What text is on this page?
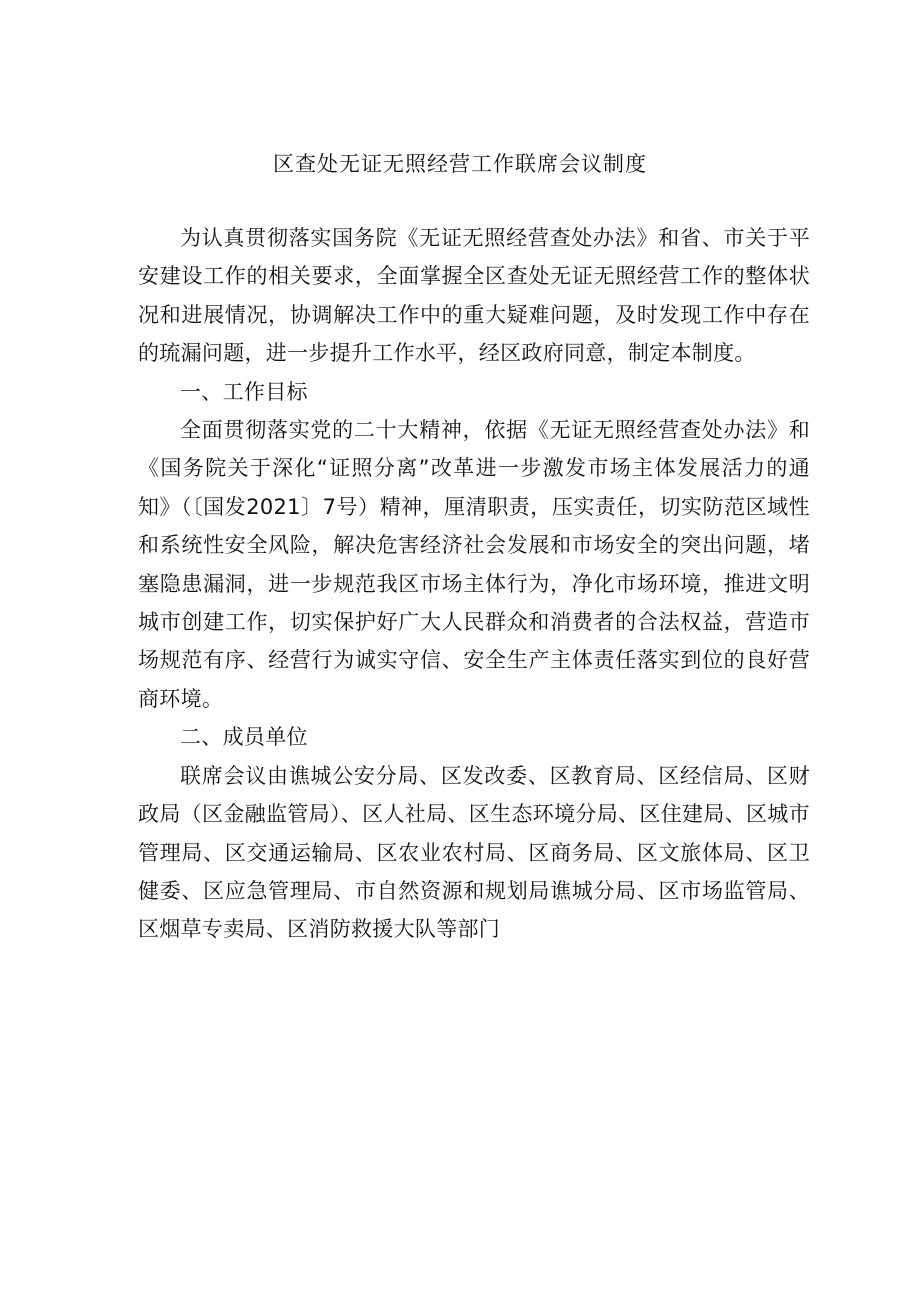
区查处无证无照经营工作联席会议制度

为认真贯彻落实国务院《无证无照经营查处办法》和省、市关于平安建设工作的相关要求，全面掌握全区查处无证无照经营工作的整体状况和进展情况，协调解决工作中的重大疑难问题，及时发现工作中存在的琉漏问题，进一步提升工作水平，经区政府同意，制定本制度。

一、工作目标

全面贯彻落实党的二十大精神，依据《无证无照经营查处办法》和《国务院关于深化“证照分离”改革进一步激发市场主体发展活力的通知》（〔国发2021〕7号）精神，厘清职责，压实责任，切实防范区域性和系统性安全风险，解决危害经济社会发展和市场安全的突出问题，堵塞隐患漏洞，进一步规范我区市场主体行为，净化市场环境，推进文明城市创建工作，切实保护好广大人民群众和消费者的合法权益，营造市场规范有序、经营行为诚实守信、安全生产主体责任落实到位的良好营商环境。

二、成员单位

联席会议由谯城公安分局、区发改委、区教育局、区经信局、区财政局（区金融监管局）、区人社局、区生态环境分局、区住建局、区城市管理局、区交通运输局、区农业农村局、区商务局、区文旅体局、区卫健委、区应急管理局、市自然资源和规划局谯城分局、区市场监管局、区烟草专卖局、区消防救援大队等部门
